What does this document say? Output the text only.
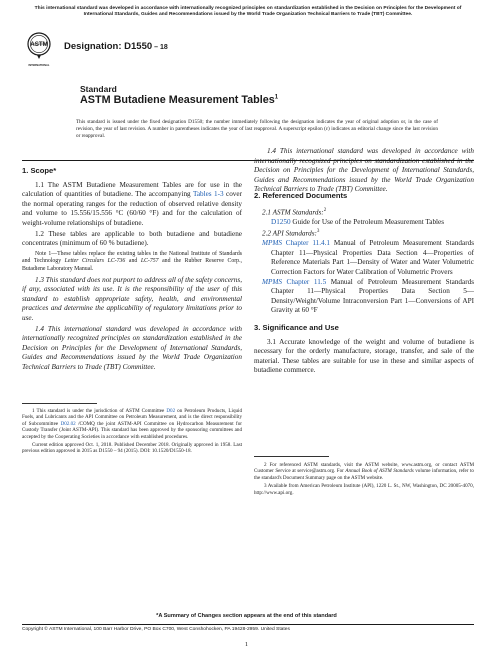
This international standard was developed in accordance with internationally recognized principles on standardization established in the Decision on Principles for the Development of International Standards, Guides and Recommendations issued by the World Trade Organization Technical Barriers to Trade (TBT) Committee.
ASTM
INTERNATIONAL
Designation: D1550 – 18
Standard
ASTM Butadiene Measurement Tables$^1$
This standard is issued under the fixed designation D1550; the number immediately following the designation indicates the year of original adoption or, in the case of revision, the year of last revision. A number in parentheses indicates the year of last reapproval. A superscript epsilon (ε) indicates an editorial change since the last revision or reapproval.
1. Scope*

1.1 The ASTM Butadiene Measurement Tables are for use in the calculation of quantities of butadiene. The accompanying Tables 1-3 cover the normal operating ranges for the reduction of observed relative density and volume to 15.556/15.556 °C (60/60 °F) and for the calculation of weight-volume relationships of butadiene.

1.2 These tables are applicable to both butadiene and butadiene concentrates (minimum of 60 % butadiene).

Note 1—These tables replace the existing tables in the National Institute of Standards and Technology Letter Circulars LC-736 and LC-757 and the Rubber Reserve Corp., Butadiene Laboratory Manual.

1.3 This standard does not purport to address all of the safety concerns, if any, associated with its use. It is the responsibility of the user of this standard to establish appropriate safety, health, and environmental practices and determine the applicability of regulatory limitations prior to use.

1.4 This international standard was developed in accordance with internationally recognized principles on standardization established in the Decision on Principles for the Development of International Standards, Guides and Recommendations issued by the World Trade Organization Technical Barriers to Trade (TBT) Committee.

1 This standard is under the jurisdiction of ASTM Committee D02 on Petroleum Products, Liquid Fuels, and Lubricants and the API Committee on Petroleum Measurement, and is the direct responsibility of Subcommittee D02.02 /COMQ the joint ASTM-API Committee on Hydrocarbon Measurement for Custody Transfer (Joint ASTM-API). This standard has been approved by the sponsoring committees and accepted by the Cooperating Societies in accordance with established procedures.

Current edition approved Oct. 1, 2018. Published December 2018. Originally approved in 1958. Last previous edition approved in 2015 as D1550 – 94 (2015). DOI: 10.1520/D1550-18.

1.4 This international standard was developed in accordance with internationally recognized principles on standardization established in the Decision on Principles for the Development of International Standards, Guides and Recommendations issued by the World Trade Organization Technical Barriers to Trade (TBT) Committee.

2. Referenced Documents

2.1 ASTM Standards:$^2$

D1250 Guide for Use of the Petroleum Measurement Tables

2.2 API Standards:$^3$

MPMS Chapter 11.4.1 Manual of Petroleum Measurement Standards Chapter 11—Physical Properties Data Section 4—Properties of Reference Materials Part 1—Density of Water and Water Volumetric Correction Factors for Water Calibration of Volumetric Provers

MPMS Chapter 11.5 Manual of Petroleum Measurement Standards Chapter 11—Physical Properties Data Section 5—Density/Weight/Volume Intraconversion Part 1—Conversions of API Gravity at 60 °F

3. Significance and Use

3.1 Accurate knowledge of the weight and volume of butadiene is necessary for the orderly manufacture, storage, transfer, and sale of the material. These tables are suitable for use in these and similar aspects of butadiene commerce.

2 For referenced ASTM standards, visit the ASTM website, www.astm.org, or contact ASTM Customer Service at service@astm.org. For Annual Book of ASTM Standards volume information, refer to the standard's Document Summary page on the ASTM website.

3 Available from American Petroleum Institute (API), 1220 L. St., NW, Washington, DC 20005-4070, http://www.api.org.

*A Summary of Changes section appears at the end of this standard
Copyright © ASTM International, 100 Barr Harbor Drive, PO Box C700, West Conshohocken, PA 19428-2959. United States
1
